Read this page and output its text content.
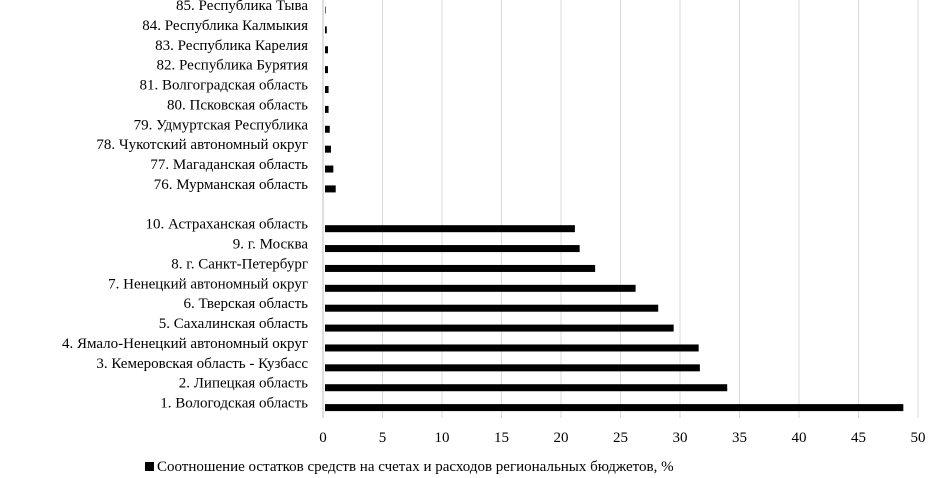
85. Республика Тыва
84. Республика Калмыкия
83. Республика Карелия
82. Республика Бурятия
81. Волгоградская область
80. Псковская область
79. Удмуртская Республика
78. Чукотский автономный округ
77. Магаданская область
76. Мурманская область
10. Астраханская область
9. г. Москва
8. г. Санкт-Петербург
7. Ненецкий автономный округ
6. Тверская область
5. Сахалинская область
4. Ямало-Ненецкий автономный округ
3. Кемеровская область - Кузбасс
2. Липецкая область
1. Вологодская область
0	5	10	15	20	25	30	35	40	45	50
Соотношение остатков средств на счетах и расходов региональных бюджетов, %
